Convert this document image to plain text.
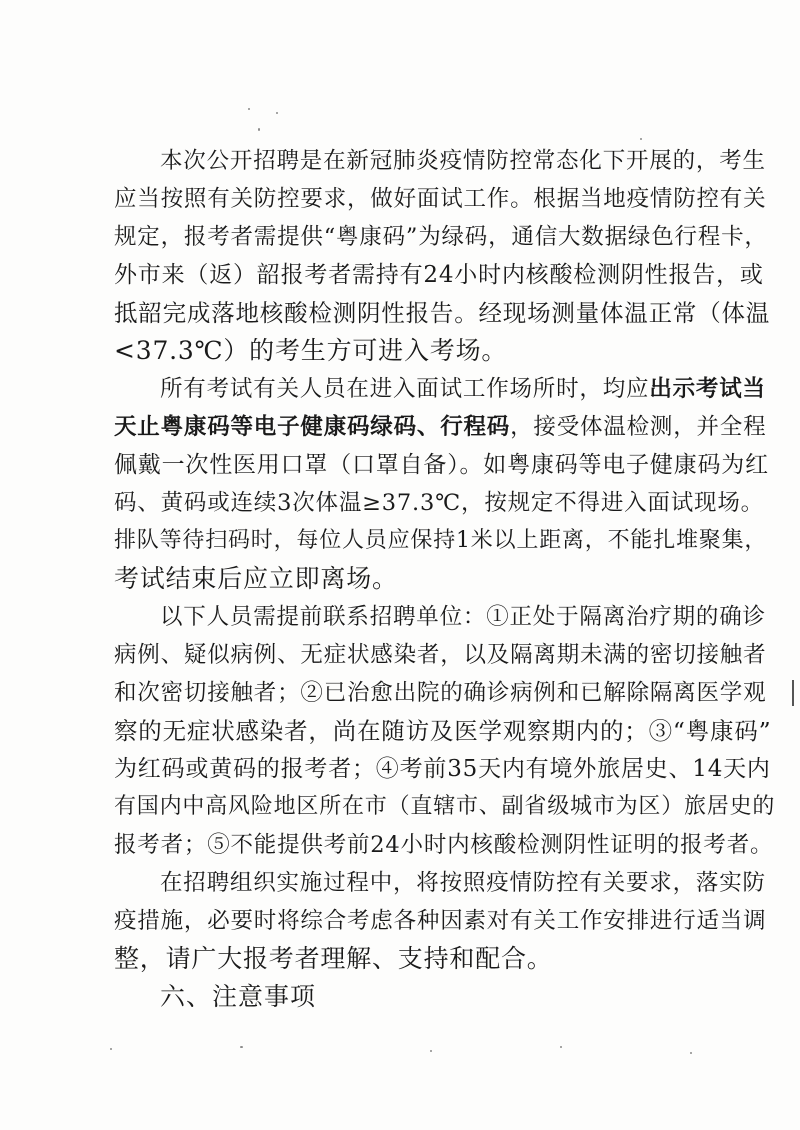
本次公开招聘是在新冠肺炎疫情防控常态化下开展的，考生
应当按照有关防控要求，做好面试工作。根据当地疫情防控有关
规定，报考者需提供“粤康码”为绿码，通信大数据绿色行程卡，
外市来（返）韶报考者需持有24小时内核酸检测阴性报告，或
抵韶完成落地核酸检测阴性报告。经现场测量体温正常（体温
<37.3℃）的考生方可进入考场。
所有考试有关人员在进入面试工作场所时，均应出示考试当
天止粤康码等电子健康码绿码、行程码，接受体温检测，并全程
佩戴一次性医用口罩（口罩自备）。如粤康码等电子健康码为红
码、黄码或连续3次体温≥37.3℃，按规定不得进入面试现场。
排队等待扫码时，每位人员应保持1米以上距离，不能扎堆聚集，
考试结束后应立即离场。
以下人员需提前联系招聘单位：①正处于隔离治疗期的确诊
病例、疑似病例、无症状感染者，以及隔离期未满的密切接触者
和次密切接触者；②已治愈出院的确诊病例和已解除隔离医学观
察的无症状感染者，尚在随访及医学观察期内的；③“粤康码”
为红码或黄码的报考者；④考前35天内有境外旅居史、14天内
有国内中高风险地区所在市（直辖市、副省级城市为区）旅居史的
报考者；⑤不能提供考前24小时内核酸检测阴性证明的报考者。
在招聘组织实施过程中，将按照疫情防控有关要求，落实防
疫措施，必要时将综合考虑各种因素对有关工作安排进行适当调
整，请广大报考者理解、支持和配合。
六、注意事项
